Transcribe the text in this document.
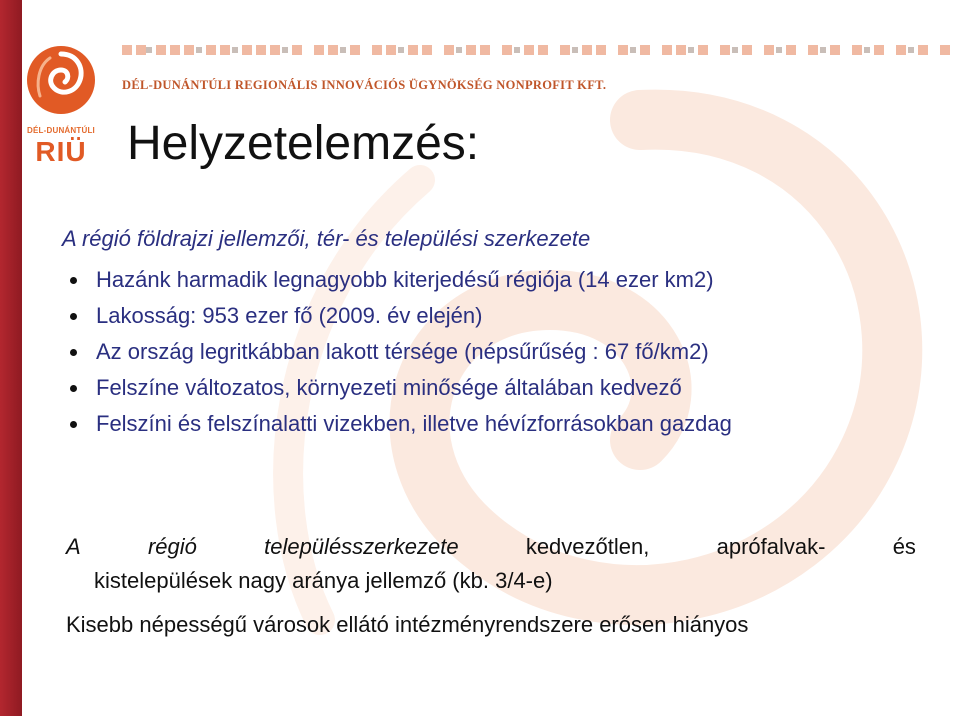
DÉL-DUNÁNTÚLI
RIÜ
DÉL-DUNÁNTÚLI REGIONÁLIS INNOVÁCIÓS ÜGYNÖKSÉG NONPROFIT KFT.
Helyzetelemzés:
A régió földrajzi jellemzői, tér- és települési szerkezete
Hazánk harmadik legnagyobb kiterjedésű régiója (14 ezer km2)
Lakosság: 953 ezer fő (2009. év elején)
Az ország legritkábban lakott térsége (népsűrűség : 67 fő/km2)
Felszíne változatos, környezeti minősége általában kedvező
Felszíni és felszínalatti vizekben, illetve hévízforrásokban gazdag
A	régió	településszerkezete	kedvezőtlen,	aprófalvak-	és
kistelepülések nagy aránya jellemző (kb. 3/4-e)
Kisebb népességű városok ellátó intézményrendszere erősen hiányos
